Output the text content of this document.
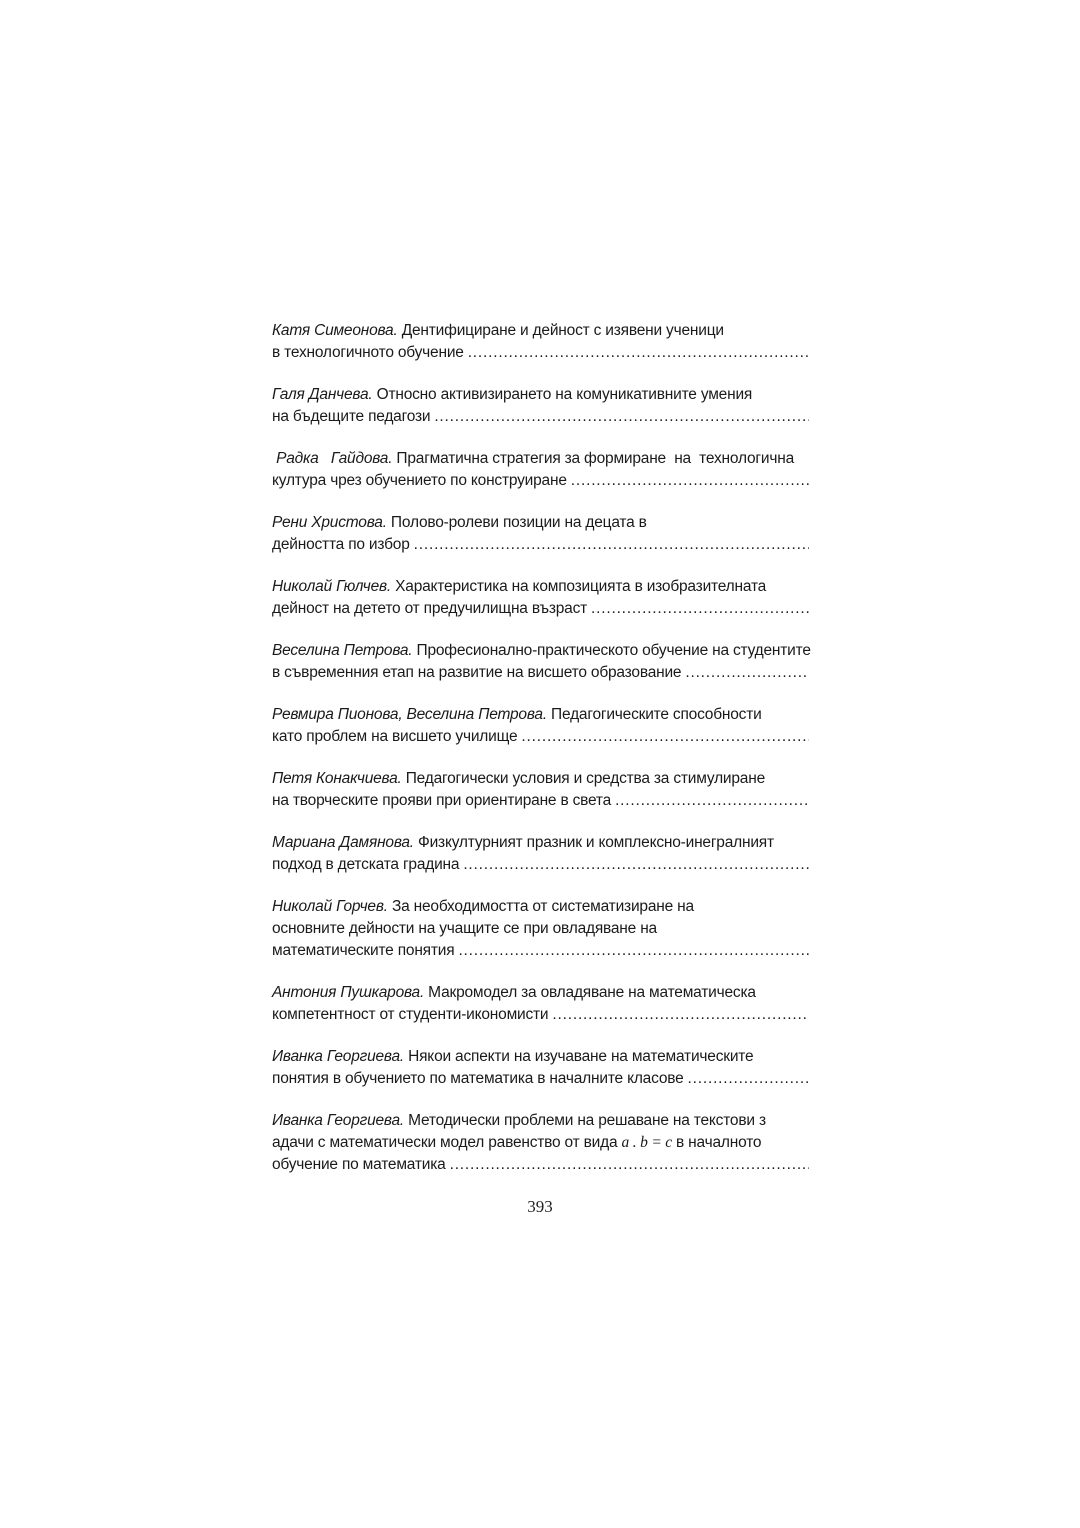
Катя Симеонова. Дентифициране и дейност с изявени ученици
в технологичното обучение
.....
Галя Данчева. Относно активизирането на комуникативните умения
на бъдещите педагози
.....
Радка   Гайдова. Прагматична стратегия за формиране  на  технологична
култура чрез обучението по конструиране
.....
Рени Христова. Полово-ролеви позиции на децата в
дейността по избор
.....
Николай Гюлчев. Характеристика на композицията в изобразителната
дейност на детето от предучилищна възраст
.....
Веселина Петрова. Професионално-практическото обучение на студентите
в съвременния етап на развитие на висшето образование
.....
Ревмира Пионова, Веселина Петрова. Педагогическите способности
като проблем на висшето училище
.....
Петя Конакчиева. Педагогически условия и средства за стимулиране
на творческите прояви при ориентиране в света
.....
Мариана Дамянова. Физкултурният празник и комплексно-инегралният
подход в детската градина
.....
Николай Горчев. За необходимостта от систематизиране на
основните дейности на учащите се при овладяване на
математическите понятия
.....
Антония Пушкарова. Макромодел за овладяване на математическа
компетентност от студенти-икономисти
.....
Иванка Георгиева. Някои аспекти на изучаване на математическите
понятия в обучението по математика в началните класове
.....
Иванка Георгиева. Методически проблеми на решаване на текстови з
адачи с математически модел равенство от вида a . b = c в началното
обучение по математика
.....
393
